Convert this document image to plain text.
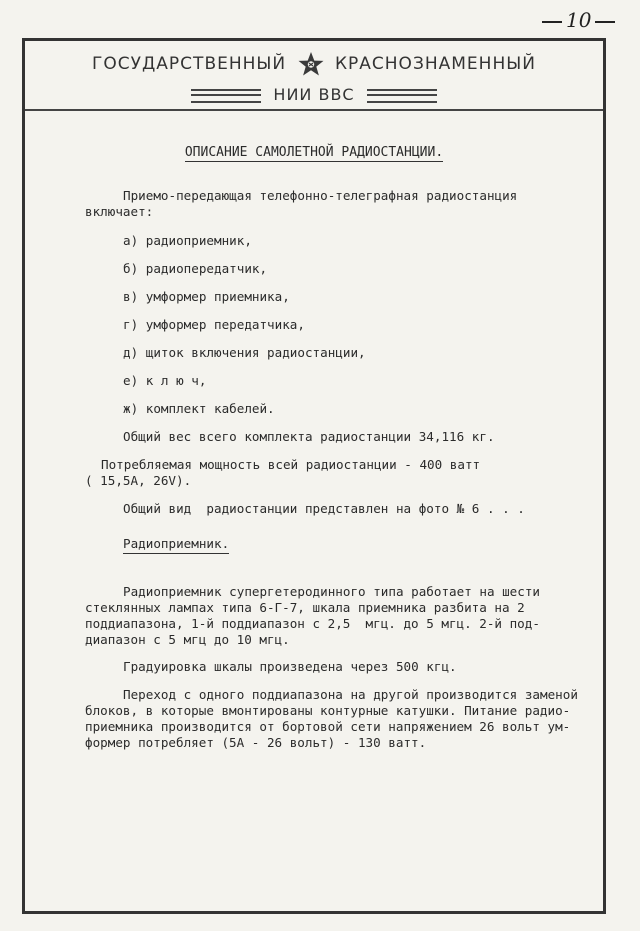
10
ГОСУДАРСТВЕННЫЙ	КРАСНОЗНАМЕННЫЙ
НИИ ВВС
ОПИСАНИЕ САМОЛЕТНОЙ РАДИОСТАНЦИИ.
Приемо-передающая телефонно-телеграфная радиостанция
включает:
а) радиоприемник,
б) радиопередатчик,
в) умформер приемника,
г) умформер передатчика,
д) щиток включения радиостанции,
е) к л ю ч,
ж) комплект кабелей.
Общий вес всего комплекта радиостанции 34,116 кг.
Потребляемая мощность всей радиостанции - 400 ватт
( 15,5А, 26V).
Общий вид  радиостанции представлен на фото № 6 . . .
Радиоприемник.
Радиоприемник супергетеродинного типа работает на шести
стеклянных лампах типа 6-Г-7, шкала приемника разбита на 2
поддиапазона, 1-й поддиапазон с 2,5  мгц. до 5 мгц. 2-й под-
диапазон с 5 мгц до 10 мгц.
Градуировка шкалы произведена через 500 кгц.
Переход с одного поддиапазона на другой производится заменой
блоков, в которые вмонтированы контурные катушки. Питание радио-
приемника производится от бортовой сети напряжением 26 вольт ум-
формер потребляет (5А - 26 вольт) - 130 ватт.
